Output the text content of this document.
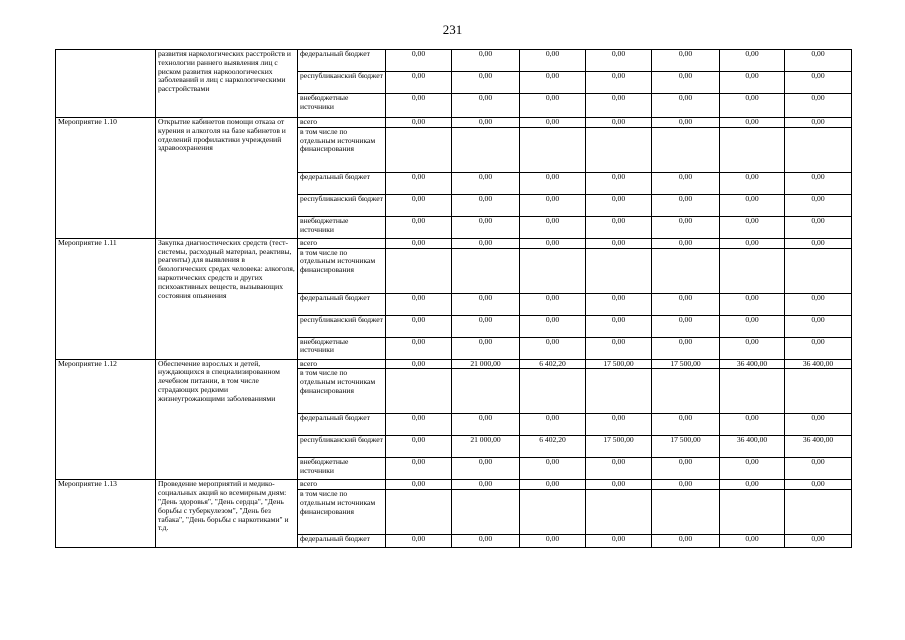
231
	развития наркологических расстройств и технологии раннего выявления лиц с риском развития наркоологических заболеваний и лиц с наркологическими расстройствами	федеральный бюджет	0,00	0,00	0,00	0,00	0,00	0,00	0,00
		республиканский бюджет	0,00	0,00	0,00	0,00	0,00	0,00	0,00
		внебюджетные источники	0,00	0,00	0,00	0,00	0,00	0,00	0,00
Мероприятие 1.10	Открытие кабинетов помощи отказа от курения и алкоголя на базе кабинетов и отделений профилактики учреждений здравоохранения	всего	0,00	0,00	0,00	0,00	0,00	0,00	0,00
		в том числе по отдельным источникам финансирования							
		федеральный бюджет	0,00	0,00	0,00	0,00	0,00	0,00	0,00
		республиканский бюджет	0,00	0,00	0,00	0,00	0,00	0,00	0,00
		внебюджетные источники	0,00	0,00	0,00	0,00	0,00	0,00	0,00
Мероприятие 1.11	Закупка диагностических средств (тест-системы, расходный материал, реактивы, реагенты) для выявления в биологических средах человека: алкоголя, наркотических средств и других психоактивных веществ, вызывающих состояния опьянения	всего	0,00	0,00	0,00	0,00	0,00	0,00	0,00
		в том числе по отдельным источникам финансирования							
		федеральный бюджет	0,00	0,00	0,00	0,00	0,00	0,00	0,00
		республиканский бюджет	0,00	0,00	0,00	0,00	0,00	0,00	0,00
		внебюджетные источники	0,00	0,00	0,00	0,00	0,00	0,00	0,00
Мероприятие 1.12	Обеспечение взрослых и детей, нуждающихся в специализированном лечебном питании, в том числе страдающих редкими жизнеугрожающими заболеваниями	всего	0,00	21 000,00	6 402,20	17 500,00	17 500,00	36 400,00	36 400,00
		в том числе по отдельным источникам финансирования							
		федеральный бюджет	0,00	0,00	0,00	0,00	0,00	0,00	0,00
		республиканский бюджет	0,00	21 000,00	6 402,20	17 500,00	17 500,00	36 400,00	36 400,00
		внебюджетные источники	0,00	0,00	0,00	0,00	0,00	0,00	0,00
Мероприятие 1.13	Проведение мероприятий и медико-социальных акций ко всемирным дням: "День здоровья", "День сердца", "День борьбы с туберкулезом", "День без табака", "День борьбы с наркотиками" и т.д.	всего	0,00	0,00	0,00	0,00	0,00	0,00	0,00
		в том числе по отдельным источникам финансирования							
		федеральный бюджет	0,00	0,00	0,00	0,00	0,00	0,00	0,00
